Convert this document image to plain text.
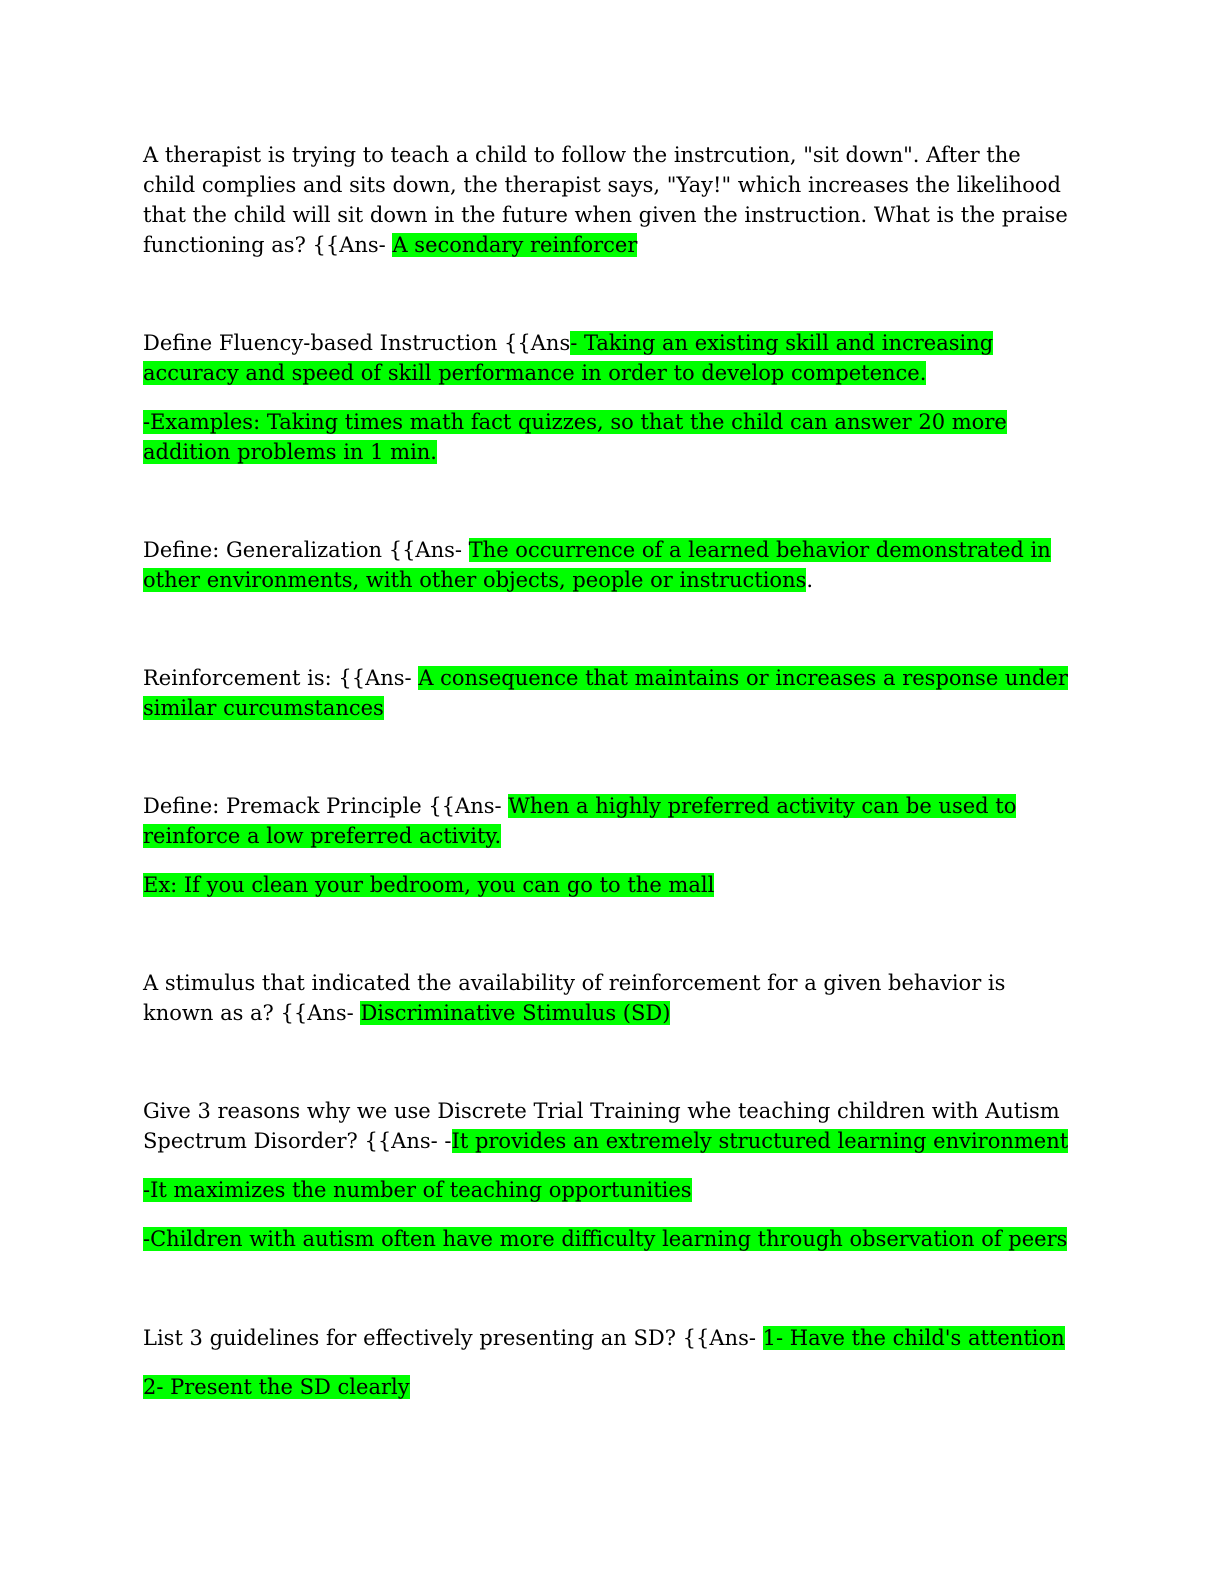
A therapist is trying to teach a child to follow the instrcution, "sit down". After the

child complies and sits down, the therapist says, "Yay!" which increases the likelihood

that the child will sit down in the future when given the instruction. What is the praise

functioning as? {{Ans- A secondary reinforcer

Define Fluency-based Instruction {{Ans- Taking an existing skill and increasing

accuracy and speed of skill performance in order to develop competence.

-Examples: Taking times math fact quizzes, so that the child can answer 20 more

addition problems in 1 min.

Define: Generalization {{Ans- The occurrence of a learned behavior demonstrated in

other environments, with other objects, people or instructions.

Reinforcement is: {{Ans- A consequence that maintains or increases a response under

similar curcumstances

Define: Premack Principle {{Ans- When a highly preferred activity can be used to

reinforce a low preferred activity.

Ex: If you clean your bedroom, you can go to the mall

A stimulus that indicated the availability of reinforcement for a given behavior is

known as a? {{Ans- Discriminative Stimulus (SD)

Give 3 reasons why we use Discrete Trial Training whe teaching children with Autism

Spectrum Disorder? {{Ans- -It provides an extremely structured learning environment

-It maximizes the number of teaching opportunities

-Children with autism often have more difficulty learning through observation of peers

List 3 guidelines for effectively presenting an SD? {{Ans- 1- Have the child's attention

2- Present the SD clearly
